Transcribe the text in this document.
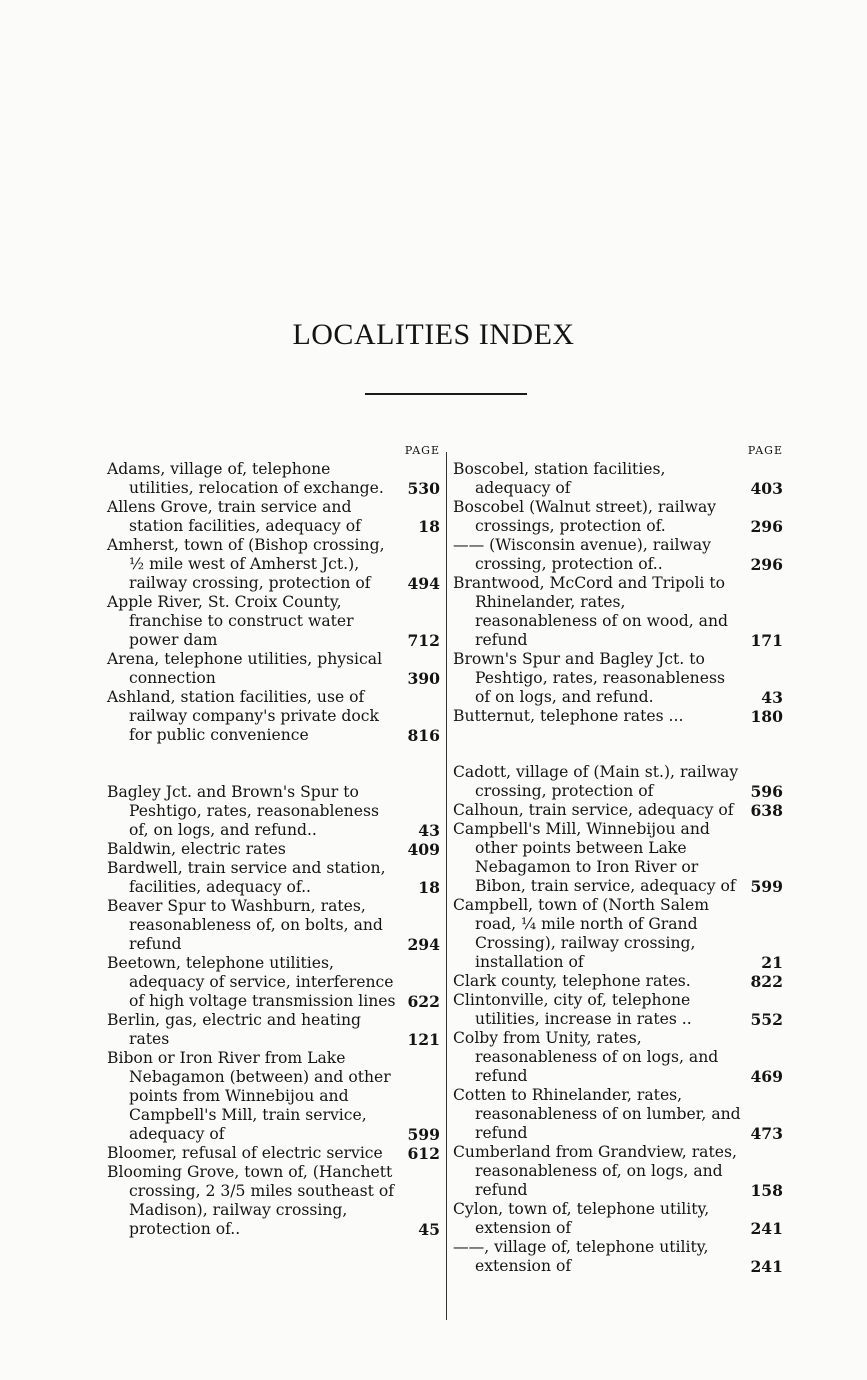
LOCALITIES INDEX
PAGE
Adams, village of, telephone utilities, relocation of exchange.	530
Allens Grove, train service and station facilities, adequacy of	18
Amherst, town of (Bishop crossing, ½ mile west of Amherst Jct.), railway crossing, protection of	494
Apple River, St. Croix County, franchise to construct water power dam	712
Arena, telephone utilities, physical connection	390
Ashland, station facilities, use of railway company's private dock for public convenience	816
Bagley Jct. and Brown's Spur to Peshtigo, rates, reasonableness of, on logs, and refund..	43
Baldwin, electric rates	409
Bardwell, train service and station, facilities, adequacy of..	18
Beaver Spur to Washburn, rates, reasonableness of, on bolts, and refund	294
Beetown, telephone utilities, adequacy of service, interference of high voltage transmission lines 622
Berlin, gas, electric and heating rates	121
Bibon or Iron River from Lake Nebagamon (between) and other points from Winnebijou and Campbell's Mill, train service, adequacy of	599
Bloomer, refusal of electric service	612
Blooming Grove, town of, (Hanchett crossing, 2 3/5 miles southeast of Madison), railway crossing, protection of..	45
PAGE
Boscobel, station facilities, adequacy of	403
Boscobel (Walnut street), railway crossings, protection of.	296
—— (Wisconsin avenue), railway crossing, protection of..	296
Brantwood, McCord and Tripoli to Rhinelander, rates, reasonableness of on wood, and refund	171
Brown's Spur and Bagley Jct. to Peshtigo, rates, reasonableness of on logs, and refund.	43
Butternut, telephone rates ...	180
Cadott, village of (Main st.), railway crossing, protection of	596
Calhoun, train service, adequacy of	638
Campbell's Mill, Winnebijou and other points between Lake Nebagamon to Iron River or Bibon, train service, adequacy of 599
Campbell, town of (North Salem road, ¼ mile north of Grand Crossing), railway crossing, installation of	21
Clark county, telephone rates.	822
Clintonville, city of, telephone utilities, increase in rates ..	552
Colby from Unity, rates, reasonableness of on logs, and refund	469
Cotten to Rhinelander, rates, reasonableness of on lumber, and refund	473
Cumberland from Grandview, rates, reasonableness of, on logs, and refund	158
Cylon, town of, telephone utility, extension of	241
——, village of, telephone utility, extension of	241
